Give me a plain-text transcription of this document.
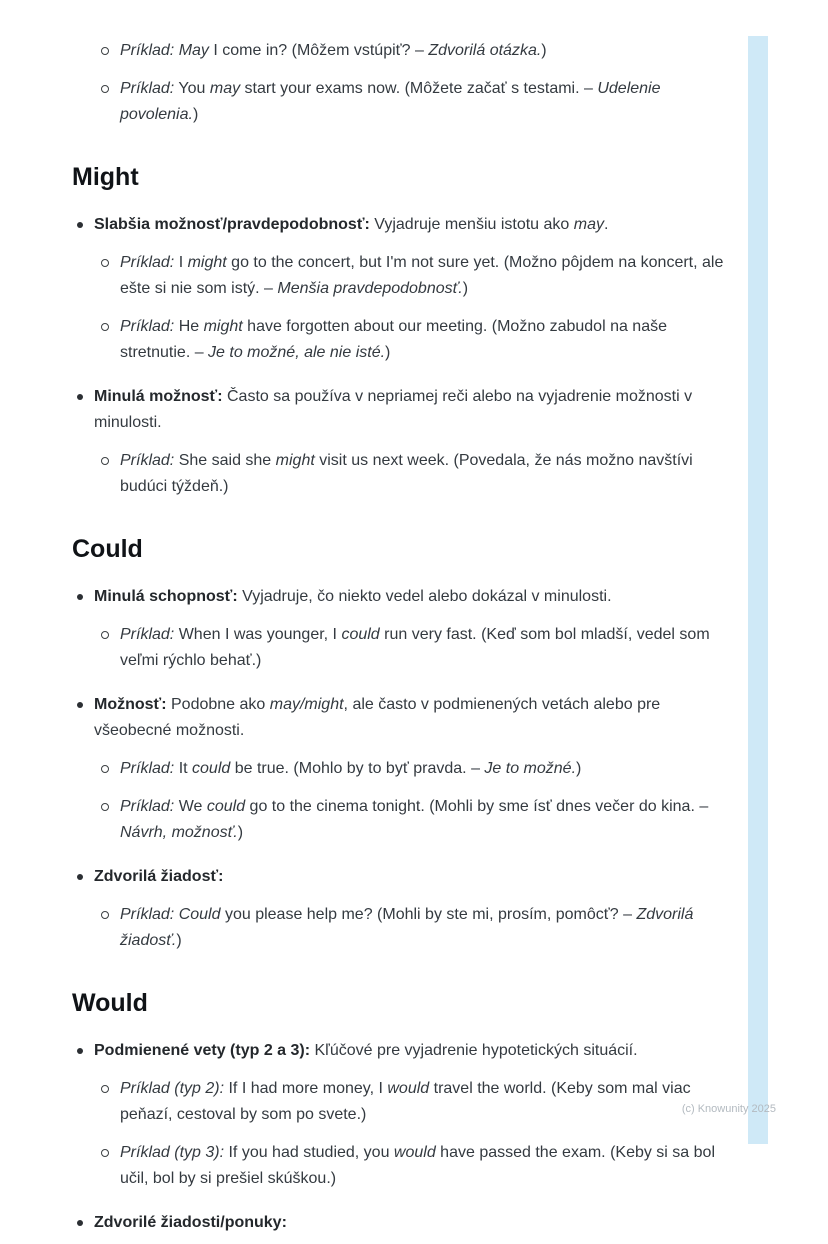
Príklad: May I come in? (Môžem vstúpiť? – Zdvorilá otázka.)
Príklad: You may start your exams now. (Môžete začať s testami. – Udelenie povolenia.)
Might
Slabšia možnosť/pravdepodobnosť: Vyjadruje menšiu istotu ako may.
Príklad: I might go to the concert, but I'm not sure yet. (Možno pôjdem na koncert, ale ešte si nie som istý. – Menšia pravdepodobnosť.)
Príklad: He might have forgotten about our meeting. (Možno zabudol na naše stretnutie. – Je to možné, ale nie isté.)
Minulá možnosť: Často sa používa v nepriamej reči alebo na vyjadrenie možnosti v minulosti.
Príklad: She said she might visit us next week. (Povedala, že nás možno navštívi budúci týždeň.)
Could
Minulá schopnosť: Vyjadruje, čo niekto vedel alebo dokázal v minulosti.
Príklad: When I was younger, I could run very fast. (Keď som bol mladší, vedel som veľmi rýchlo behať.)
Možnosť: Podobne ako may/might, ale často v podmienených vetách alebo pre všeobecné možnosti.
Príklad: It could be true. (Mohlo by to byť pravda. – Je to možné.)
Príklad: We could go to the cinema tonight. (Mohli by sme ísť dnes večer do kina. – Návrh, možnosť.)
Zdvorilá žiadosť:
Príklad: Could you please help me? (Mohli by ste mi, prosím, pomôcť? – Zdvorilá žiadosť.)
Would
Podmienené vety (typ 2 a 3): Kľúčové pre vyjadrenie hypotetických situácií.
Príklad (typ 2): If I had more money, I would travel the world. (Keby som mal viac peňazí, cestoval by som po svete.)
Príklad (typ 3): If you had studied, you would have passed the exam. (Keby si sa bol učil, bol by si prešiel skúškou.)
Zdvorilé žiadosti/ponuky:
(c) Knowunity 2025
